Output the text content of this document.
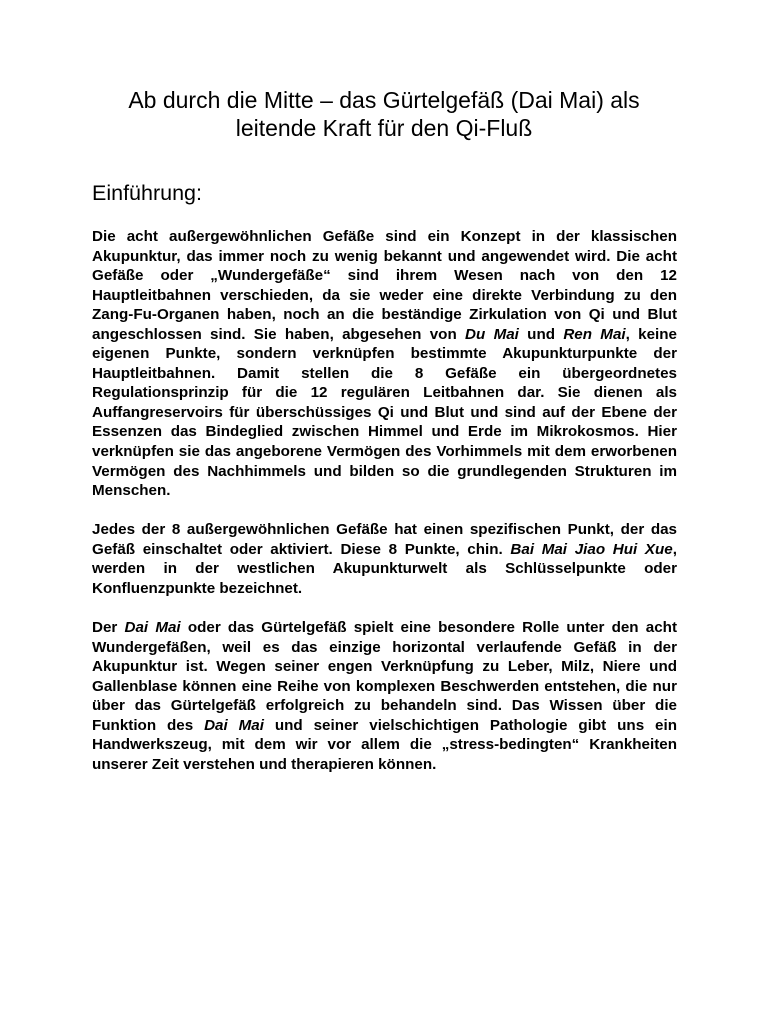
Ab durch die Mitte – das Gürtelgefäß (Dai Mai) als
leitende Kraft für den Qi-Fluß
Einführung:

Die acht außergewöhnlichen Gefäße sind ein Konzept in der klassischen Akupunktur, das immer noch zu wenig bekannt und angewendet wird. Die acht Gefäße oder „Wundergefäße“ sind ihrem Wesen nach von den 12 Hauptleitbahnen verschieden, da sie weder eine direkte Verbindung zu den Zang-Fu-Organen haben, noch an die beständige Zirkulation von Qi und Blut angeschlossen sind. Sie haben, abgesehen von Du Mai und Ren Mai, keine eigenen Punkte, sondern verknüpfen bestimmte Akupunkturpunkte der Hauptleitbahnen. Damit stellen die 8 Gefäße ein übergeordnetes Regulationsprinzip für die 12 regulären Leitbahnen dar. Sie dienen als Auffangreservoirs für überschüssiges Qi und Blut und sind auf der Ebene der Essenzen das Bindeglied zwischen Himmel und Erde im Mikrokosmos. Hier verknüpfen sie das angeborene Vermögen des Vorhimmels mit dem erworbenen Vermögen des Nachhimmels und bilden so die grundlegenden Strukturen im Menschen.

Jedes der 8 außergewöhnlichen Gefäße hat einen spezifischen Punkt, der das Gefäß einschaltet oder aktiviert. Diese 8 Punkte, chin. Bai Mai Jiao Hui Xue, werden in der westlichen Akupunkturwelt als Schlüsselpunkte oder Konfluenzpunkte bezeichnet.

Der Dai Mai oder das Gürtelgefäß spielt eine besondere Rolle unter den acht Wundergefäßen, weil es das einzige horizontal verlaufende Gefäß in der Akupunktur ist. Wegen seiner engen Verknüpfung zu Leber, Milz, Niere und Gallenblase können eine Reihe von komplexen Beschwerden entstehen, die nur über das Gürtelgefäß erfolgreich zu behandeln sind. Das Wissen über die Funktion des Dai Mai und seiner vielschichtigen Pathologie gibt uns ein Handwerkszeug, mit dem wir vor allem die „stress-bedingten“ Krankheiten unserer Zeit verstehen und therapieren können.
